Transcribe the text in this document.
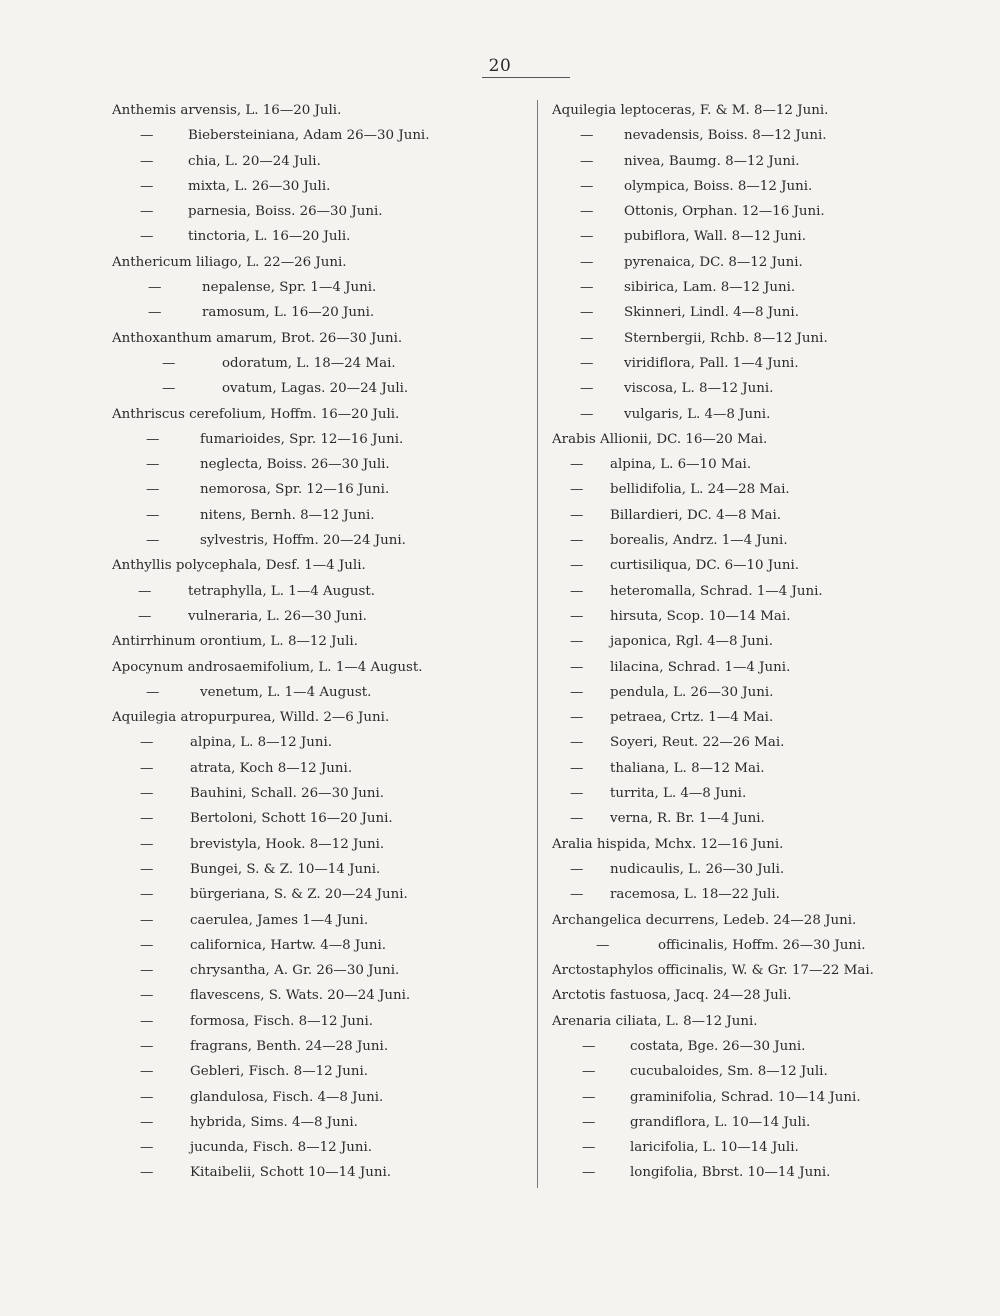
20
Anthemis arvensis, L. 16—20 Juli.
—	Biebersteiniana, Adam 26—30 Juni.
—	chia, L. 20—24 Juli.
—	mixta, L. 26—30 Juli.
—	parnesia, Boiss. 26—30 Juni.
—	tinctoria, L. 16—20 Juli.
Anthericum liliago, L. 22—26 Juni.
—	nepalense, Spr. 1—4 Juni.
—	ramosum, L. 16—20 Juni.
Anthoxanthum amarum, Brot. 26—30 Juni.
—	odoratum, L. 18—24 Mai.
—	ovatum, Lagas. 20—24 Juli.
Anthriscus cerefolium, Hoffm. 16—20 Juli.
—	fumarioides, Spr. 12—16 Juni.
—	neglecta, Boiss. 26—30 Juli.
—	nemorosa, Spr. 12—16 Juni.
—	nitens, Bernh. 8—12 Juni.
—	sylvestris, Hoffm. 20—24 Juni.
Anthyllis polycephala, Desf. 1—4 Juli.
—	tetraphylla, L. 1—4 August.
—	vulneraria, L. 26—30 Juni.
Antirrhinum orontium, L. 8—12 Juli.
Apocynum androsaemifolium, L. 1—4 August.
—	venetum, L. 1—4 August.
Aquilegia atropurpurea, Willd. 2—6 Juni.
—	alpina, L. 8—12 Juni.
—	atrata, Koch 8—12 Juni.
—	Bauhini, Schall. 26—30 Juni.
—	Bertoloni, Schott 16—20 Juni.
—	brevistyla, Hook. 8—12 Juni.
—	Bungei, S. & Z. 10—14 Juni.
—	bürgeriana, S. & Z. 20—24 Juni.
—	caerulea, James 1—4 Juni.
—	californica, Hartw. 4—8 Juni.
—	chrysantha, A. Gr. 26—30 Juni.
—	flavescens, S. Wats. 20—24 Juni.
—	formosa, Fisch. 8—12 Juni.
—	fragrans, Benth. 24—28 Juni.
—	Gebleri, Fisch. 8—12 Juni.
—	glandulosa, Fisch. 4—8 Juni.
—	hybrida, Sims. 4—8 Juni.
—	jucunda, Fisch. 8—12 Juni.
—	Kitaibelii, Schott 10—14 Juni.
Aquilegia leptoceras, F. & M. 8—12 Juni.
— nevadensis, Boiss. 8—12 Juni.
— nivea, Baumg. 8—12 Juni.
— olympica, Boiss. 8—12 Juni.
— Ottonis, Orphan. 12—16 Juni.
— pubiflora, Wall. 8—12 Juni.
— pyrenaica, DC. 8—12 Juni.
— sibirica, Lam. 8—12 Juni.
— Skinneri, Lindl. 4—8 Juni.
— Sternbergii, Rchb. 8—12 Juni.
— viridiflora, Pall. 1—4 Juni.
— viscosa, L. 8—12 Juni.
— vulgaris, L. 4—8 Juni.
Arabis Allionii, DC. 16—20 Mai.
— alpina, L. 6—10 Mai.
— bellidifolia, L. 24—28 Mai.
— Billardieri, DC. 4—8 Mai.
— borealis, Andrz. 1—4 Juni.
— curtisiliqua, DC. 6—10 Juni.
— heteromalla, Schrad. 1—4 Juni.
— hirsuta, Scop. 10—14 Mai.
— japonica, Rgl. 4—8 Juni.
— lilacina, Schrad. 1—4 Juni.
— pendula, L. 26—30 Juni.
— petraea, Crtz. 1—4 Mai.
— Soyeri, Reut. 22—26 Mai.
— thaliana, L. 8—12 Mai.
— turrita, L. 4—8 Juni.
— verna, R. Br. 1—4 Juni.
Aralia hispida, Mchx. 12—16 Juni.
— nudicaulis, L. 26—30 Juli.
— racemosa, L. 18—22 Juli.
Archangelica decurrens, Ledeb. 24—28 Juni.
—	officinalis, Hoffm. 26—30 Juni.
Arctostaphylos officinalis, W. & Gr. 17—22 Mai.
Arctotis fastuosa, Jacq. 24—28 Juli.
Arenaria ciliata, L. 8—12 Juni.
—	costata, Bge. 26—30 Juni.
—	cucubaloides, Sm. 8—12 Juli.
—	graminifolia, Schrad. 10—14 Juni.
—	grandiflora, L. 10—14 Juli.
—	laricifolia, L. 10—14 Juli.
—	longifolia, Bbrst. 10—14 Juni.
